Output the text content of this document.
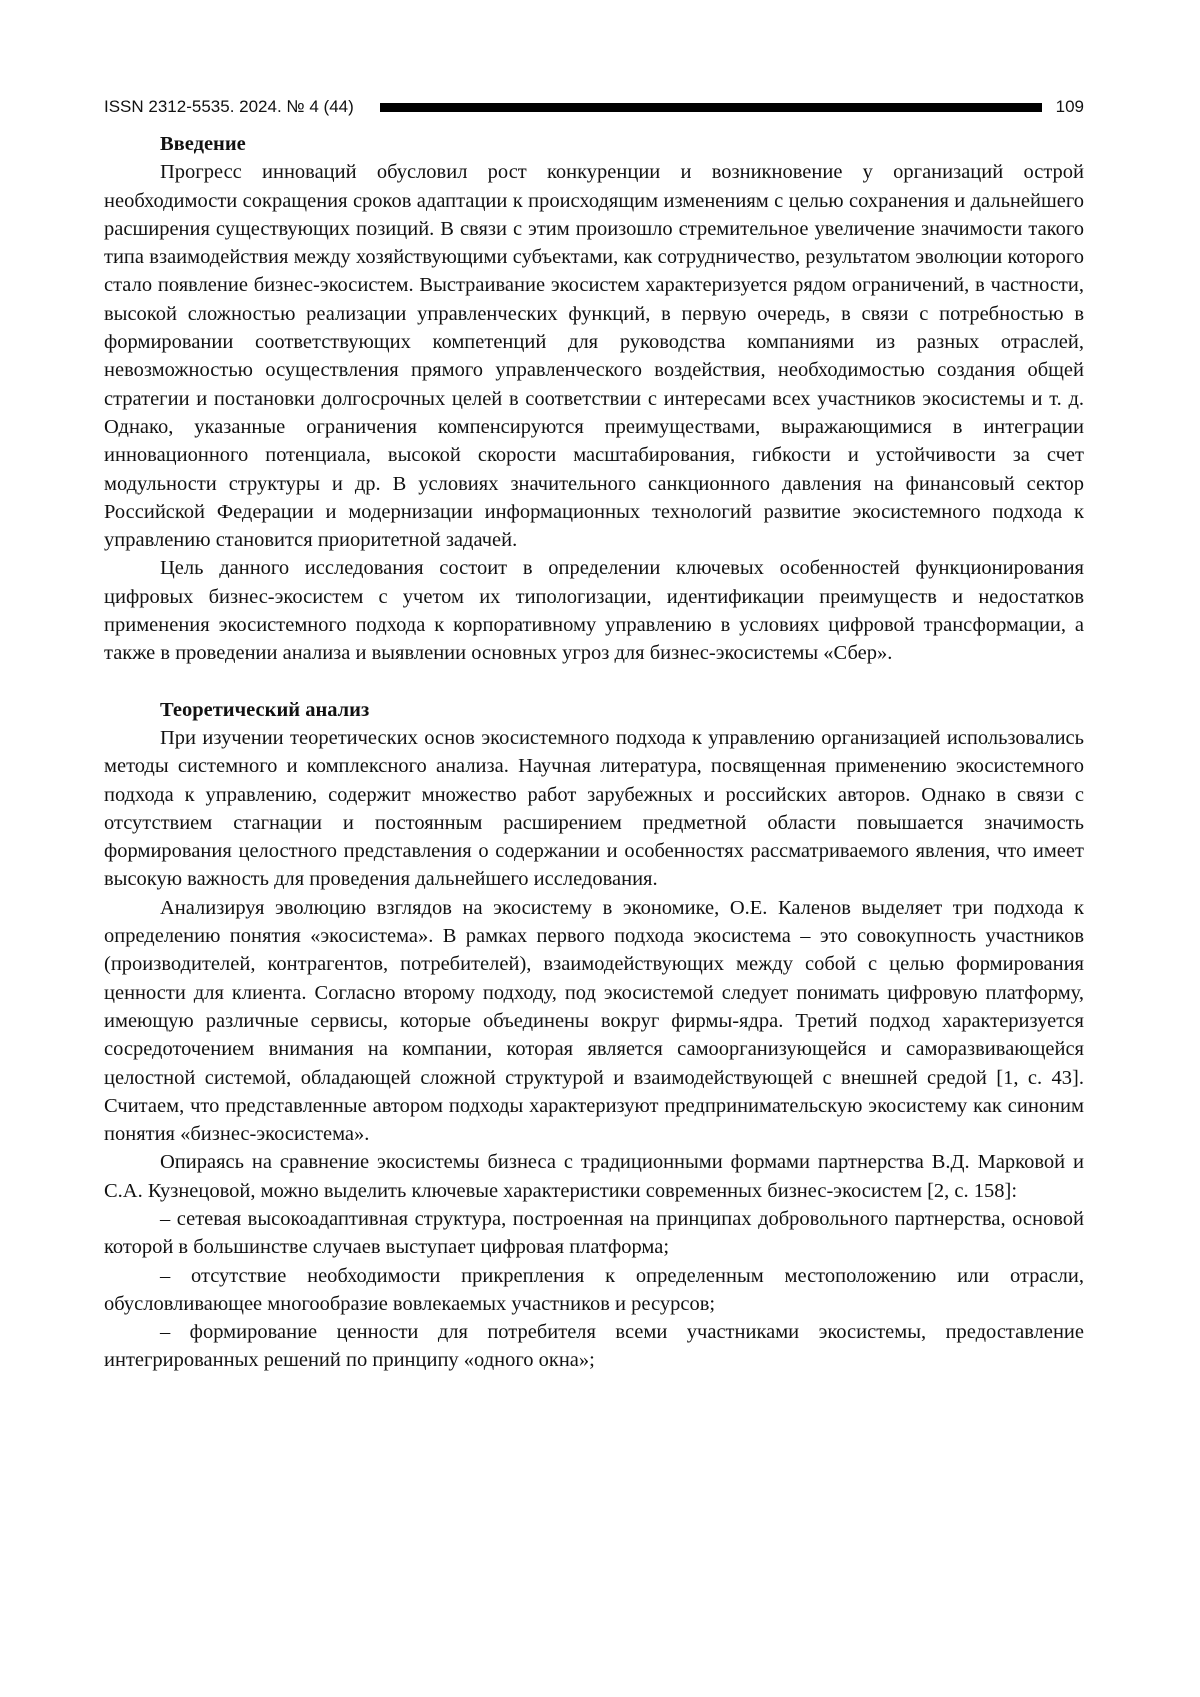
ISSN 2312-5535. 2024. № 4 (44)	109
Введение

Прогресс инноваций обусловил рост конкуренции и возникновение у организаций острой необходимости сокращения сроков адаптации к происходящим изменениям с целью сохранения и дальнейшего расширения существующих позиций. В связи с этим произошло стремительное увеличение значимости такого типа взаимодействия между хозяйствующими субъектами, как сотрудничество, результатом эволюции которого стало появление бизнес-экосистем. Выстраивание экосистем характеризуется рядом ограничений, в частности, высокой сложностью реализации управленческих функций, в первую очередь, в связи с потребностью в формировании соответствующих компетенций для руководства компаниями из разных отраслей, невозможностью осуществления прямого управленческого воздействия, необходимостью создания общей стратегии и постановки долгосрочных целей в соответствии с интересами всех участников экосистемы и т. д. Однако, указанные ограничения компенсируются преимуществами, выражающимися в интеграции инновационного потенциала, высокой скорости масштабирования, гибкости и устойчивости за счет модульности структуры и др. В условиях значительного санкционного давления на финансовый сектор Российской Федерации и модернизации информационных технологий развитие экосистемного подхода к управлению становится приоритетной задачей.

Цель данного исследования состоит в определении ключевых особенностей функционирования цифровых бизнес-экосистем с учетом их типологизации, идентификации преимуществ и недостатков применения экосистемного подхода к корпоративному управлению в условиях цифровой трансформации, а также в проведении анализа и выявлении основных угроз для бизнес-экосистемы «Сбер».

Теоретический анализ

При изучении теоретических основ экосистемного подхода к управлению организацией использовались методы системного и комплексного анализа. Научная литература, посвященная применению экосистемного подхода к управлению, содержит множество работ зарубежных и российских авторов. Однако в связи с отсутствием стагнации и постоянным расширением предметной области повышается значимость формирования целостного представления о содержании и особенностях рассматриваемого явления, что имеет высокую важность для проведения дальнейшего исследования.

Анализируя эволюцию взглядов на экосистему в экономике, О.Е. Каленов выделяет три подхода к определению понятия «экосистема». В рамках первого подхода экосистема – это совокупность участников (производителей, контрагентов, потребителей), взаимодействующих между собой с целью формирования ценности для клиента. Согласно второму подходу, под экосистемой следует понимать цифровую платформу, имеющую различные сервисы, которые объединены вокруг фирмы-ядра. Третий подход характеризуется сосредоточением внимания на компании, которая является самоорганизующейся и саморазвивающейся целостной системой, обладающей сложной структурой и взаимодействующей с внешней средой [1, с. 43]. Считаем, что представленные автором подходы характеризуют предпринимательскую экосистему как синоним понятия «бизнес-экосистема».

Опираясь на сравнение экосистемы бизнеса с традиционными формами партнерства В.Д. Марковой и С.А. Кузнецовой, можно выделить ключевые характеристики современных бизнес-экосистем [2, с. 158]:

– сетевая высокоадаптивная структура, построенная на принципах добровольного партнерства, основой которой в большинстве случаев выступает цифровая платформа;

– отсутствие необходимости прикрепления к определенным местоположению или отрасли, обусловливающее многообразие вовлекаемых участников и ресурсов;

– формирование ценности для потребителя всеми участниками экосистемы, предоставление интегрированных решений по принципу «одного окна»;
